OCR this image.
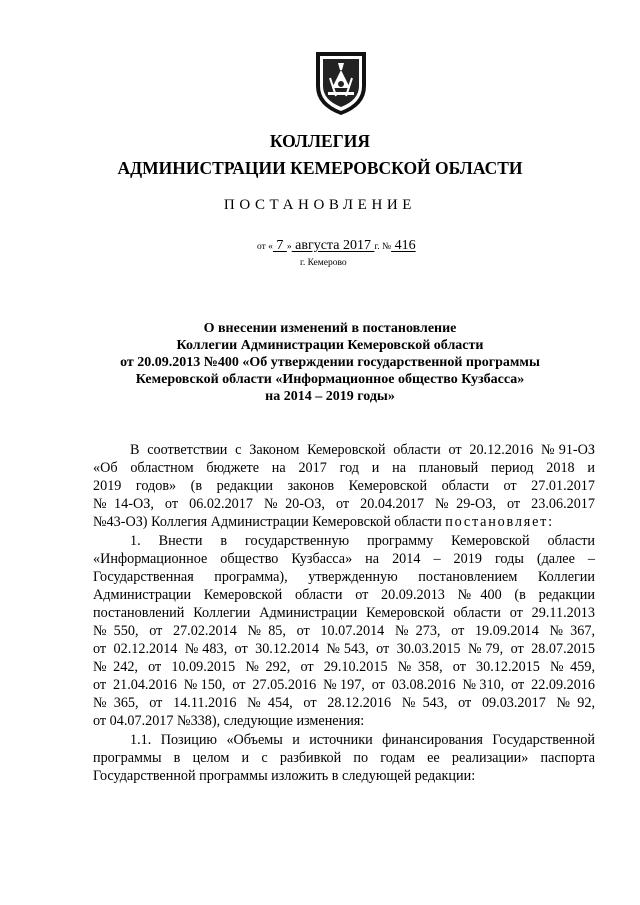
КОЛЛЕГИЯ
АДМИНИСТРАЦИИ КЕМЕРОВСКОЙ ОБЛАСТИ
ПОСТАНОВЛЕНИЕ
от « 7 » августа 2017 г. № 416
г. Кемерово
О внесении изменений в постановление
Коллегии Администрации Кемеровской области
от 20.09.2013 №400 «Об утверждении государственной программы
Кемеровской области «Информационное общество Кузбасса»
на 2014 – 2019 годы»
В соответствии с Законом Кемеровской области от 20.12.2016 №91-ОЗ
«Об областном бюджете на 2017 год и на плановый период 2018 и
2019 годов» (в редакции законов Кемеровской области от 27.01.2017
№14-ОЗ, от 06.02.2017 №20-ОЗ, от 20.04.2017 №29-ОЗ, от 23.06.2017
№43-ОЗ) Коллегия Администрации Кемеровской области постановляет:
1. Внести в государственную программу Кемеровской области
«Информационное общество Кузбасса» на 2014 – 2019 годы (далее –
Государственная программа), утвержденную постановлением Коллегии
Администрации Кемеровской области от 20.09.2013 №400 (в редакции
постановлений Коллегии Администрации Кемеровской области от 29.11.2013
№550, от 27.02.2014 №85, от 10.07.2014 №273, от 19.09.2014 №367,
от 02.12.2014 №483, от 30.12.2014 №543, от 30.03.2015 №79, от 28.07.2015
№242, от 10.09.2015 №292, от 29.10.2015 №358, от 30.12.2015 №459,
от 21.04.2016 №150, от 27.05.2016 №197, от 03.08.2016 №310, от 22.09.2016
№365, от 14.11.2016 №454, от 28.12.2016 №543, от 09.03.2017 №92,
от 04.07.2017 №338), следующие изменения:
1.1. Позицию «Объемы и источники финансирования Государственной
программы в целом и с разбивкой по годам ее реализации» паспорта
Государственной программы изложить в следующей редакции:
